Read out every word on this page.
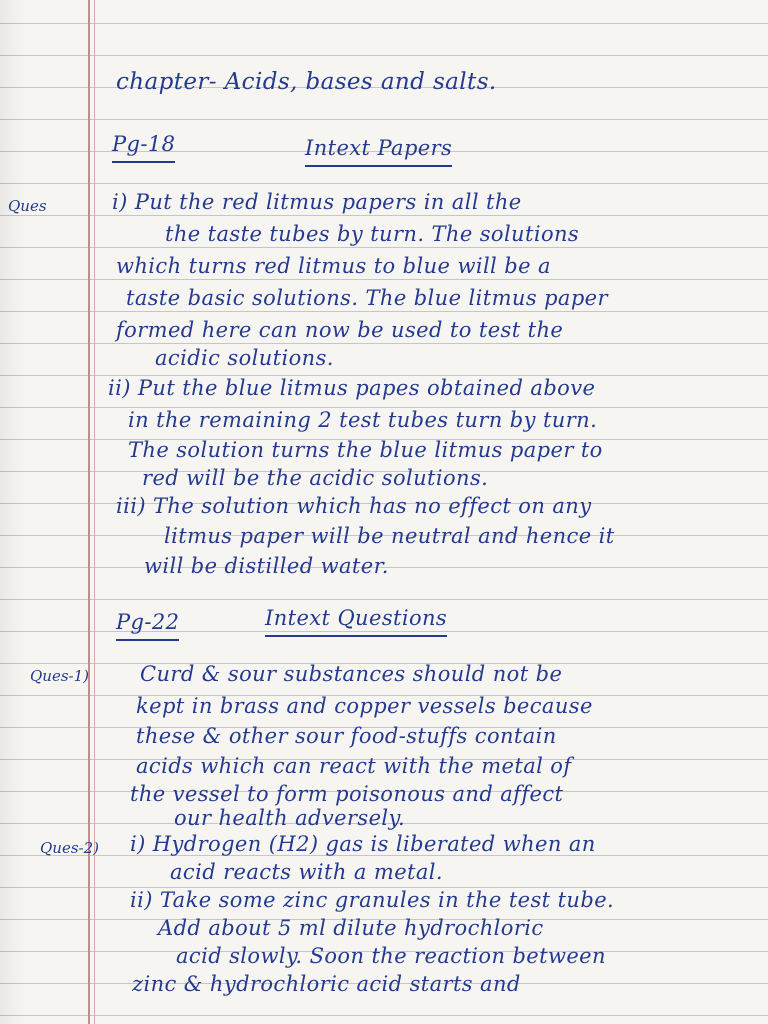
chapter- Acids, bases and salts.
Pg-18	Intext Papers
Ques	i) Put the red litmus papers in all the
the taste tubes by turn. The solutions
which turns red litmus to blue will be a
taste basic solutions. The blue litmus paper
formed here can now be used to test the
acidic solutions.
ii) Put the blue litmus papes obtained above
in the remaining 2 test tubes turn by turn.
The solution turns the blue litmus paper to
red will be the acidic solutions.
iii) The solution which has no effect on any
litmus paper will be neutral and hence it
will be distilled water.
Pg-22	Intext Questions
Ques-1) Curd & sour substances should not be
kept in brass and copper vessels because
these & other sour food-stuffs contain
acids which can react with the metal of
the vessel to form poisonous and affect
our health adversely.
Ques-2) i) Hydrogen (H2) gas is liberated when an
acid reacts with a metal.
ii) Take some zinc granules in the test tube.
Add about 5 ml dilute hydrochloric
acid slowly. Soon the reaction between
zinc & hydrochloric acid starts and
